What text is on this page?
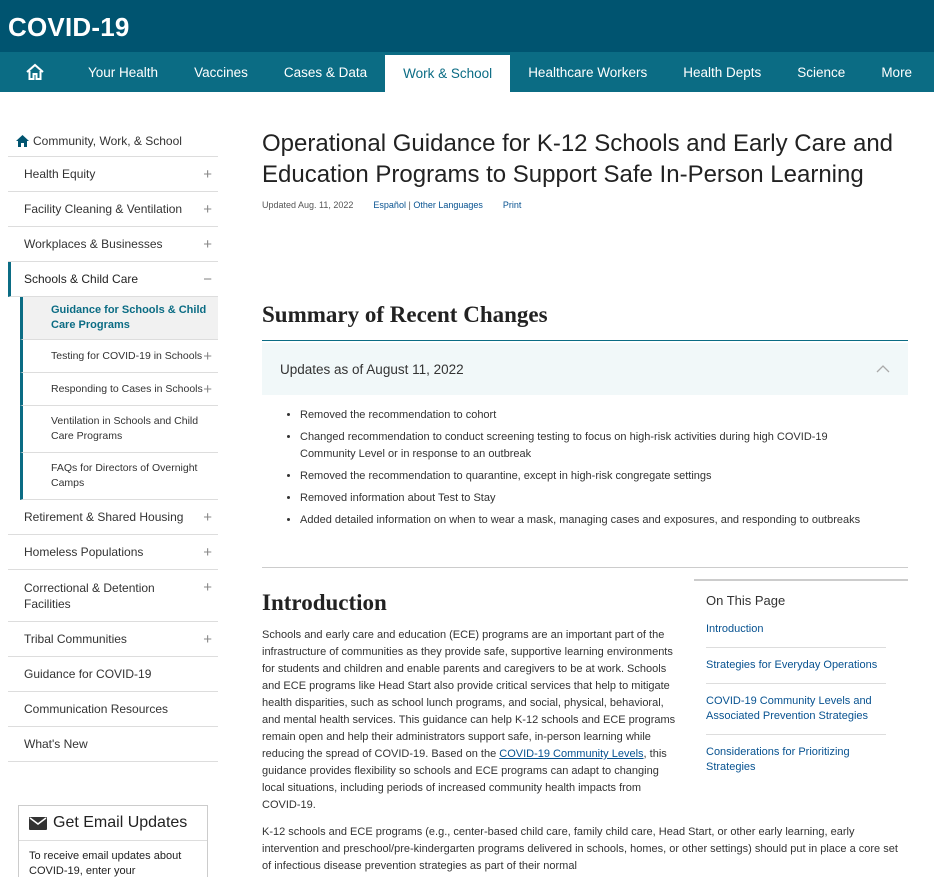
COVID-19
Your Health	Vaccines	Cases & Data	Work & School	Healthcare Workers	Health Depts	Science	More
Community, Work, & School
Health Equity	+
Facility Cleaning & Ventilation +
Workplaces & Businesses	+
Schools & Child Care	−
Guidance for Schools & Child Care Programs
Testing for COVID-19 in Schools +
Responding to Cases in Schools +
Ventilation in Schools and Child Care Programs
FAQs for Directors of Overnight Camps
Retirement & Shared Housing +
Homeless Populations	+
Correctional & Detention Facilities
+
Tribal Communities	+
Guidance for COVID-19
Communication Resources
What's New
Get Email Updates
To receive email updates about COVID-19, enter your
Operational Guidance for K-12 Schools and Early Care and Education Programs to Support Safe In-Person Learning
Updated Aug. 11, 2022 Español | Other Languages Print
Summary of Recent Changes
Updates as of August 11, 2022
• Removed the recommendation to cohort
• Changed recommendation to conduct screening testing to focus on high-risk activities during high COVID-19 Community Level or in response to an outbreak
• Removed the recommendation to quarantine, except in high-risk congregate settings
• Removed information about Test to Stay
• Added detailed information on when to wear a mask, managing cases and exposures, and responding to outbreaks
Introduction

Schools and early care and education (ECE) programs are an important part of the infrastructure of communities as they provide safe, supportive learning environments for students and children and enable parents and caregivers to be at work. Schools and ECE programs like Head Start also provide critical services that help to mitigate health disparities, such as school lunch programs, and social, physical, behavioral, and mental health services. This guidance can help K-12 schools and ECE programs remain open and help their administrators support safe, in-person learning while reducing the spread of COVID-19. Based on the COVID-19 Community Levels, this guidance provides flexibility so schools and ECE programs can adapt to changing local situations, including periods of increased community health impacts from COVID-19.

K-12 schools and ECE programs (e.g., center-based child care, family child care, Head Start, or other early learning, early intervention and preschool/pre-kindergarten programs delivered in schools, homes, or other settings) should put in place a core set of infectious disease prevention strategies as part of their normal

On This Page
Introduction
Strategies for Everyday Operations
COVID-19 Community Levels and Associated Prevention Strategies
Considerations for Prioritizing Strategies
